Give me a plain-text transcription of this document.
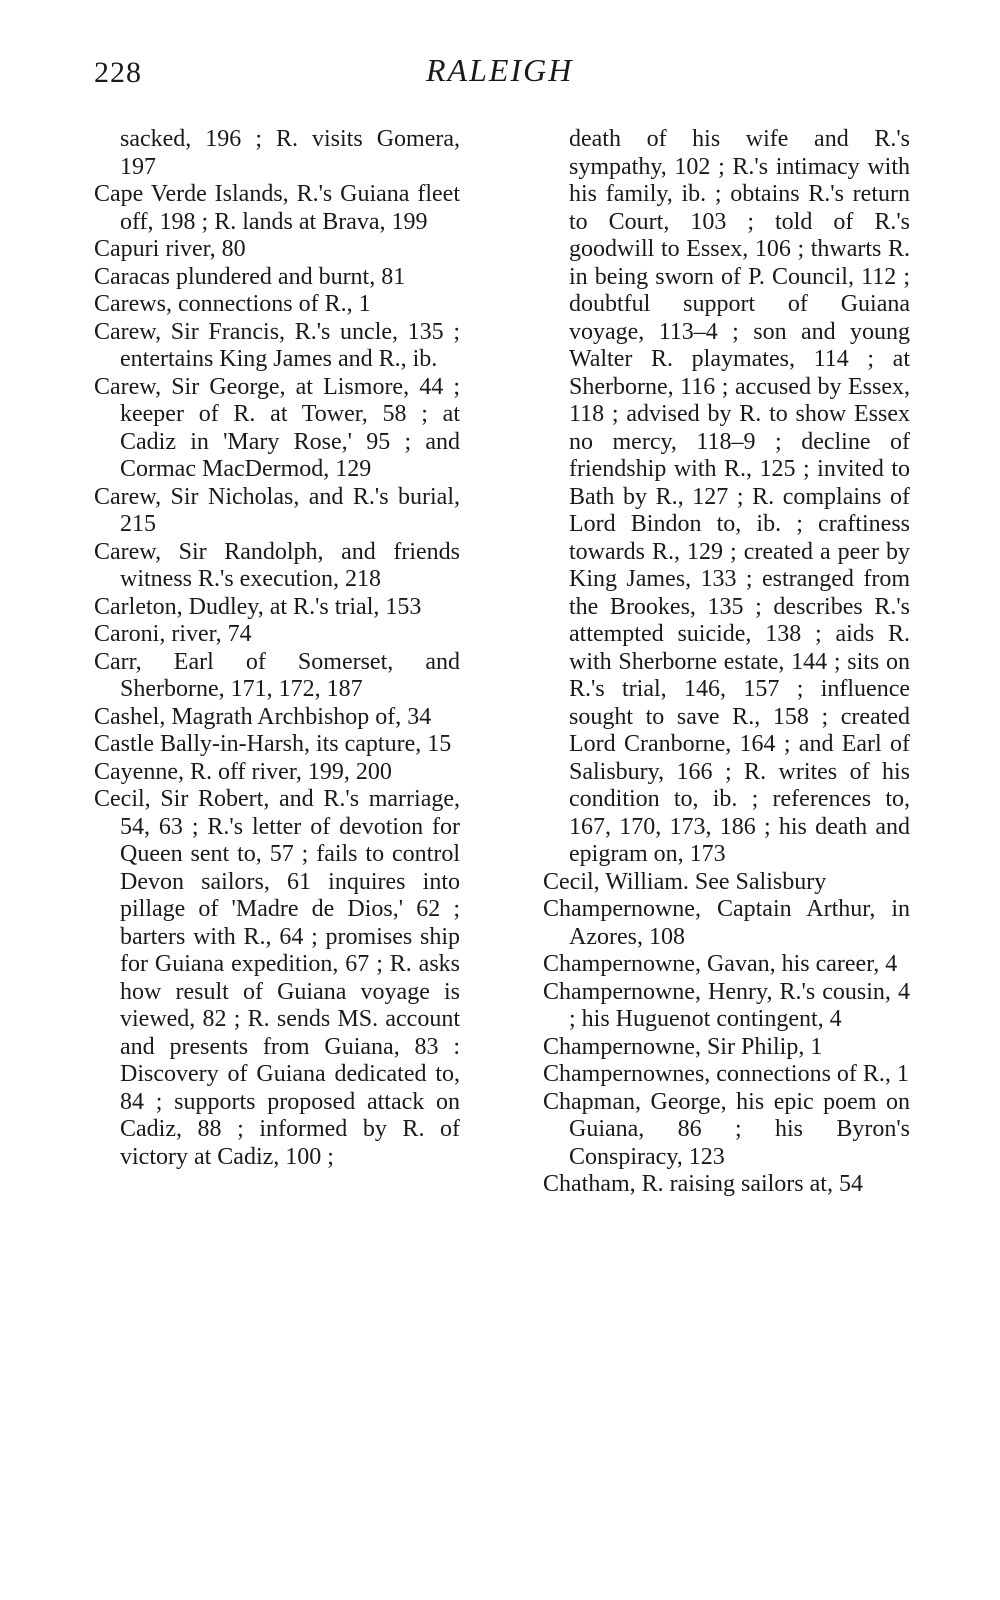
228	RALEIGH

sacked, 196 ; R. visits Gomera, 197

Cape Verde Islands, R.'s Guiana fleet off, 198 ; R. lands at Brava, 199

Capuri river, 80

Caracas plundered and burnt, 81

Carews, connections of R., 1

Carew, Sir Francis, R.'s uncle, 135 ; entertains King James and R., ib.

Carew, Sir George, at Lismore, 44 ; keeper of R. at Tower, 58 ; at Cadiz in 'Mary Rose,' 95 ; and Cormac MacDermod, 129

Carew, Sir Nicholas, and R.'s burial, 215

Carew, Sir Randolph, and friends witness R.'s execution, 218

Carleton, Dudley, at R.'s trial, 153

Caroni, river, 74

Carr, Earl of Somerset, and Sherborne, 171, 172, 187

Cashel, Magrath Archbishop of, 34

Castle Bally-in-Harsh, its capture, 15

Cayenne, R. off river, 199, 200

Cecil, Sir Robert, and R.'s marriage, 54, 63 ; R.'s letter of devotion for Queen sent to, 57 ; fails to control Devon sailors, 61 inquires into pillage of 'Madre de Dios,' 62 ; barters with R., 64 ; promises ship for Guiana expedition, 67 ; R. asks how result of Guiana voyage is viewed, 82 ; R. sends MS. account and presents from Guiana, 83 : Discovery of Guiana dedicated to, 84 ; supports proposed attack on Cadiz, 88 ; informed by R. of victory at Cadiz, 100 ;

death of his wife and R.'s sympathy, 102 ; R.'s intimacy with his family, ib. ; obtains R.'s return to Court, 103 ; told of R.'s goodwill to Essex, 106 ; thwarts R. in being sworn of P. Council, 112 ; doubtful support of Guiana voyage, 113–4 ; son and young Walter R. playmates, 114 ; at Sherborne, 116 ; accused by Essex, 118 ; advised by R. to show Essex no mercy, 118–9 ; decline of friendship with R., 125 ; invited to Bath by R., 127 ; R. complains of Lord Bindon to, ib. ; craftiness towards R., 129 ; created a peer by King James, 133 ; estranged from the Brookes, 135 ; describes R.'s attempted suicide, 138 ; aids R. with Sherborne estate, 144 ; sits on R.'s trial, 146, 157 ; influence sought to save R., 158 ; created Lord Cranborne, 164 ; and Earl of Salisbury, 166 ; R. writes of his condition to, ib. ; references to, 167, 170, 173, 186 ; his death and epigram on, 173

Cecil, William. See Salisbury

Champernowne, Captain Arthur, in Azores, 108

Champernowne, Gavan, his career, 4

Champernowne, Henry, R.'s cousin, 4 ; his Huguenot contingent, 4

Champernowne, Sir Philip, 1

Champernownes, connections of R., 1

Chapman, George, his epic poem on Guiana, 86 ; his Byron's Conspiracy, 123

Chatham, R. raising sailors at, 54
